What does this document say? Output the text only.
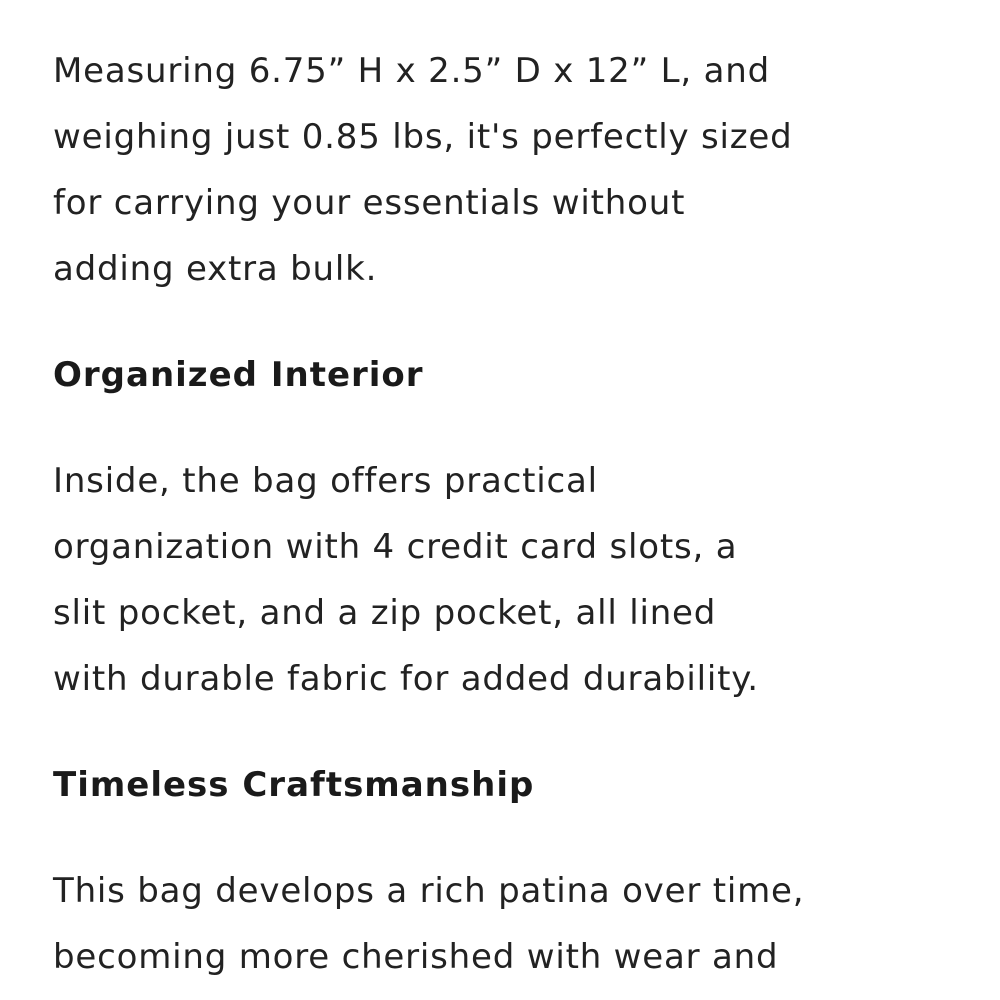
Measuring 6.75” H x 2.5” D x 12” L, and
weighing just 0.85 lbs, it's perfectly sized
for carrying your essentials without
adding extra bulk.

Organized Interior

Inside, the bag offers practical
organization with 4 credit card slots, a
slit pocket, and a zip pocket, all lined
with durable fabric for added durability.

Timeless Craftsmanship

This bag develops a rich patina over time,
becoming more cherished with wear and
